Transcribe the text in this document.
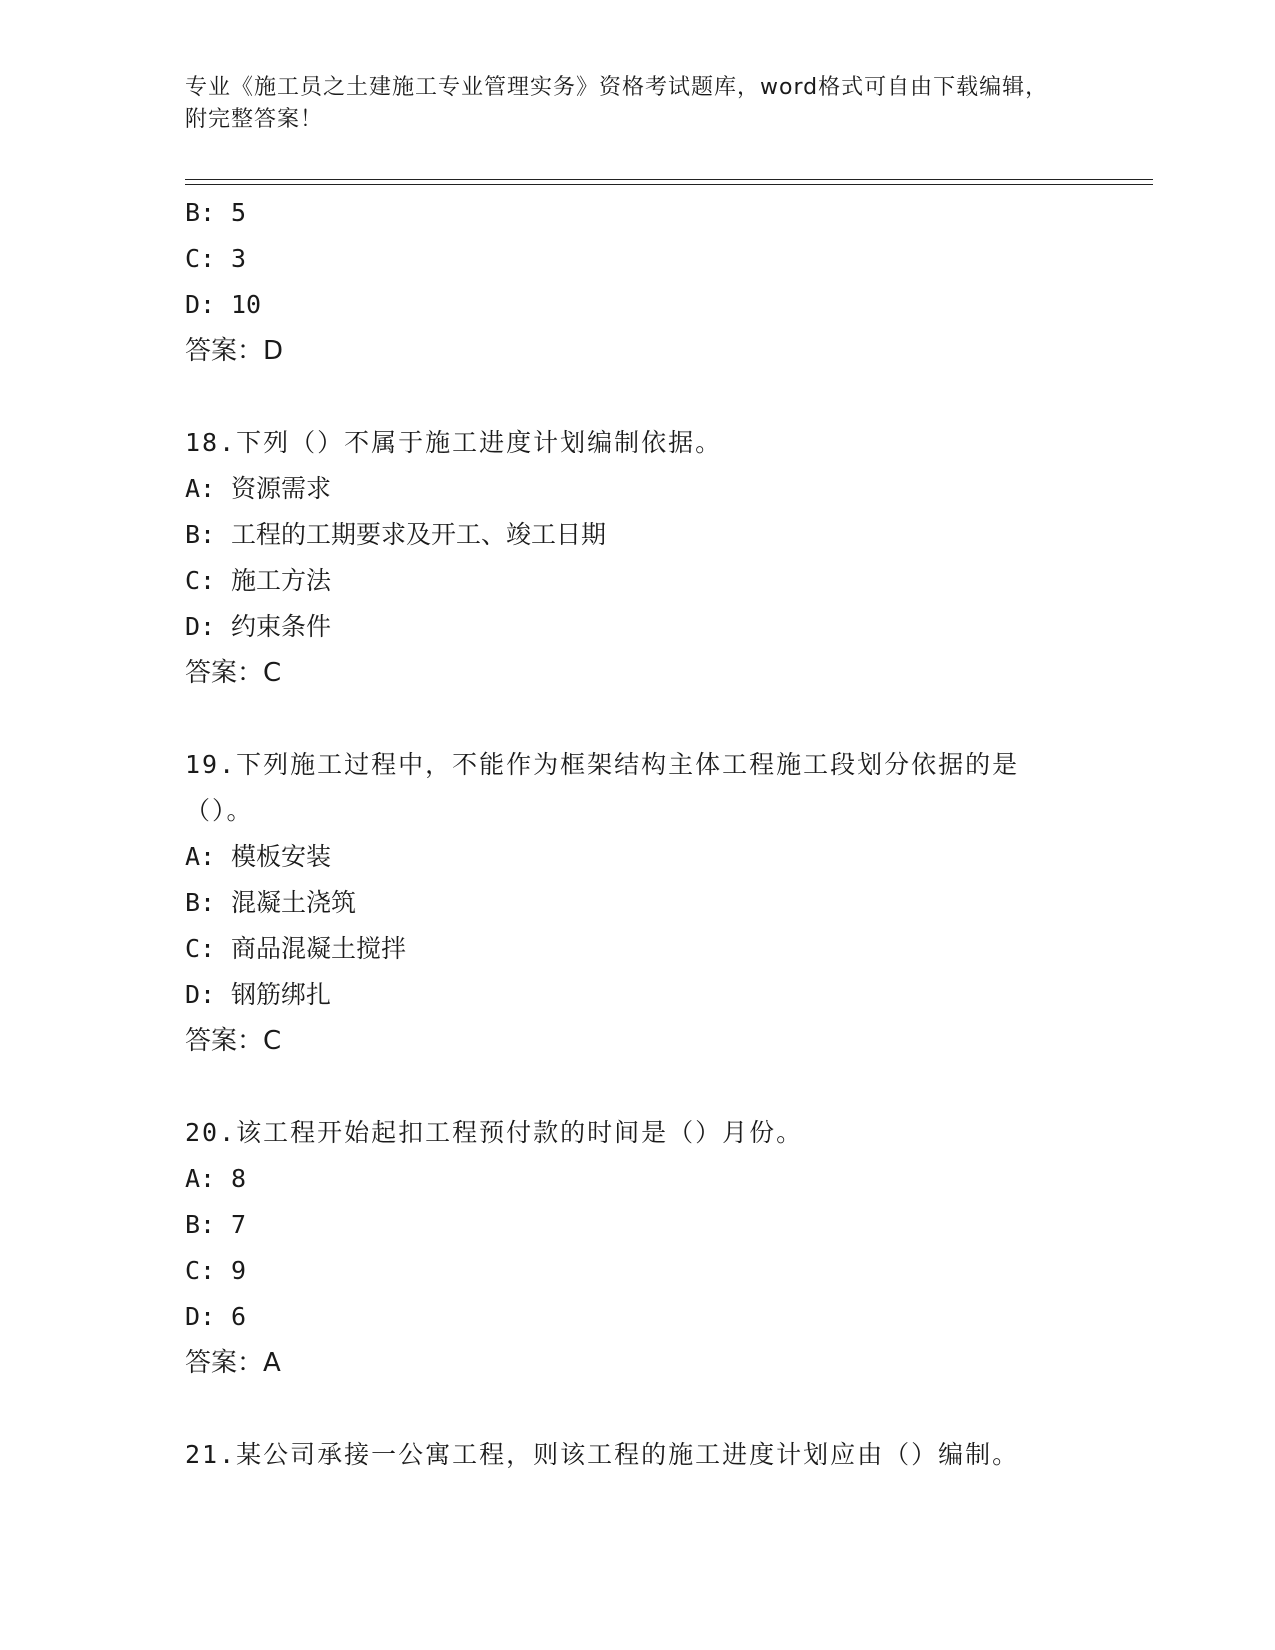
专业《施工员之土建施工专业管理实务》资格考试题库，word格式可自由下载编辑，附完整答案！
B: 5
C: 3
D: 10
答案：D
18.下列（）不属于施工进度计划编制依据。
A: 资源需求
B: 工程的工期要求及开工、竣工日期
C: 施工方法
D: 约束条件
答案：C
19.下列施工过程中，不能作为框架结构主体工程施工段划分依据的是（）。
A: 模板安装
B: 混凝土浇筑
C: 商品混凝土搅拌
D: 钢筋绑扎
答案：C
20.该工程开始起扣工程预付款的时间是（）月份。
A: 8
B: 7
C: 9
D: 6
答案：A
21.某公司承接一公寓工程，则该工程的施工进度计划应由（）编制。
